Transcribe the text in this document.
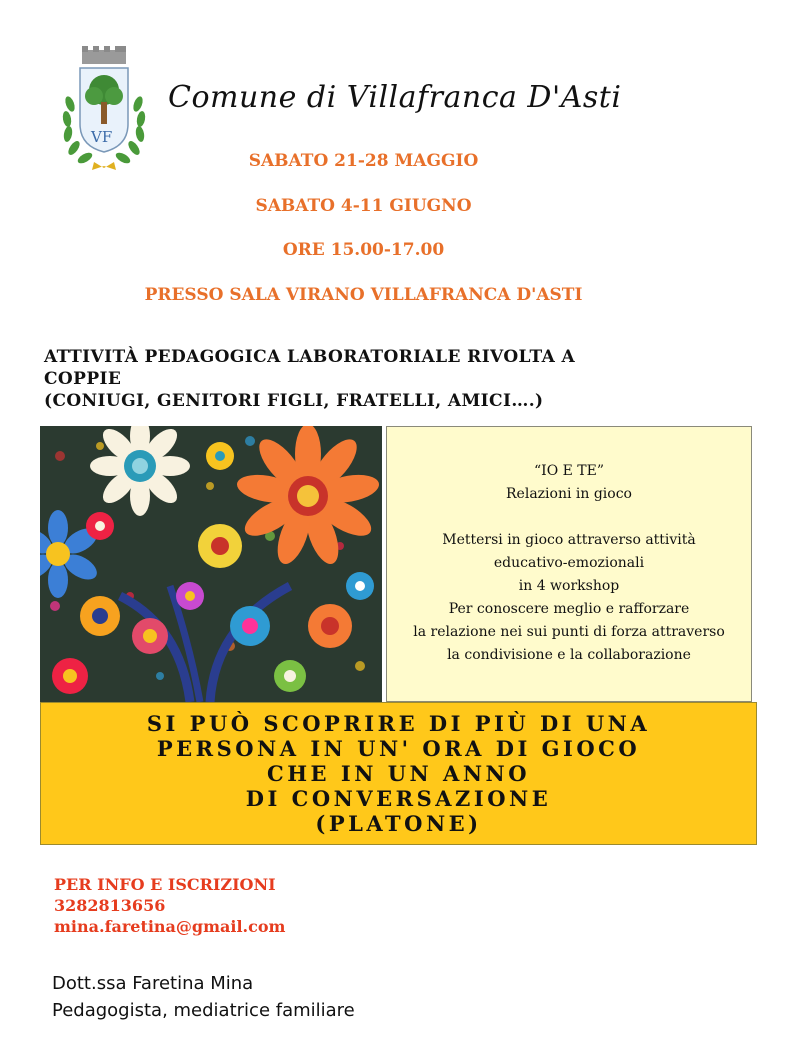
VF
Comune di Villafranca D'Asti
SABATO 21-28 MAGGIO
SABATO 4-11 GIUGNO
ORE 15.00-17.00
PRESSO SALA VIRANO VILLAFRANCA D'ASTI
ATTIVITÀ PEDAGOGICA LABORATORIALE RIVOLTA A
COPPIE
(CONIUGI, GENITORI FIGLI, FRATELLI, AMICI….)

“IO E TE”

Relazioni in gioco

Mettersi in gioco attraverso attività

educativo-emozionali

in 4 workshop

Per conoscere meglio e rafforzare

la relazione nei sui punti di forza attraverso

la condivisione e la collaborazione

SI PUÒ SCOPRIRE DI PIÙ DI UNA
PERSONA IN UN' ORA DI GIOCO
CHE IN UN ANNO
DI CONVERSAZIONE
(PLATONE)
PER INFO E ISCRIZIONI
3282813656
mina.faretina@gmail.com
Dott.ssa Faretina Mina
Pedagogista, mediatrice familiare
